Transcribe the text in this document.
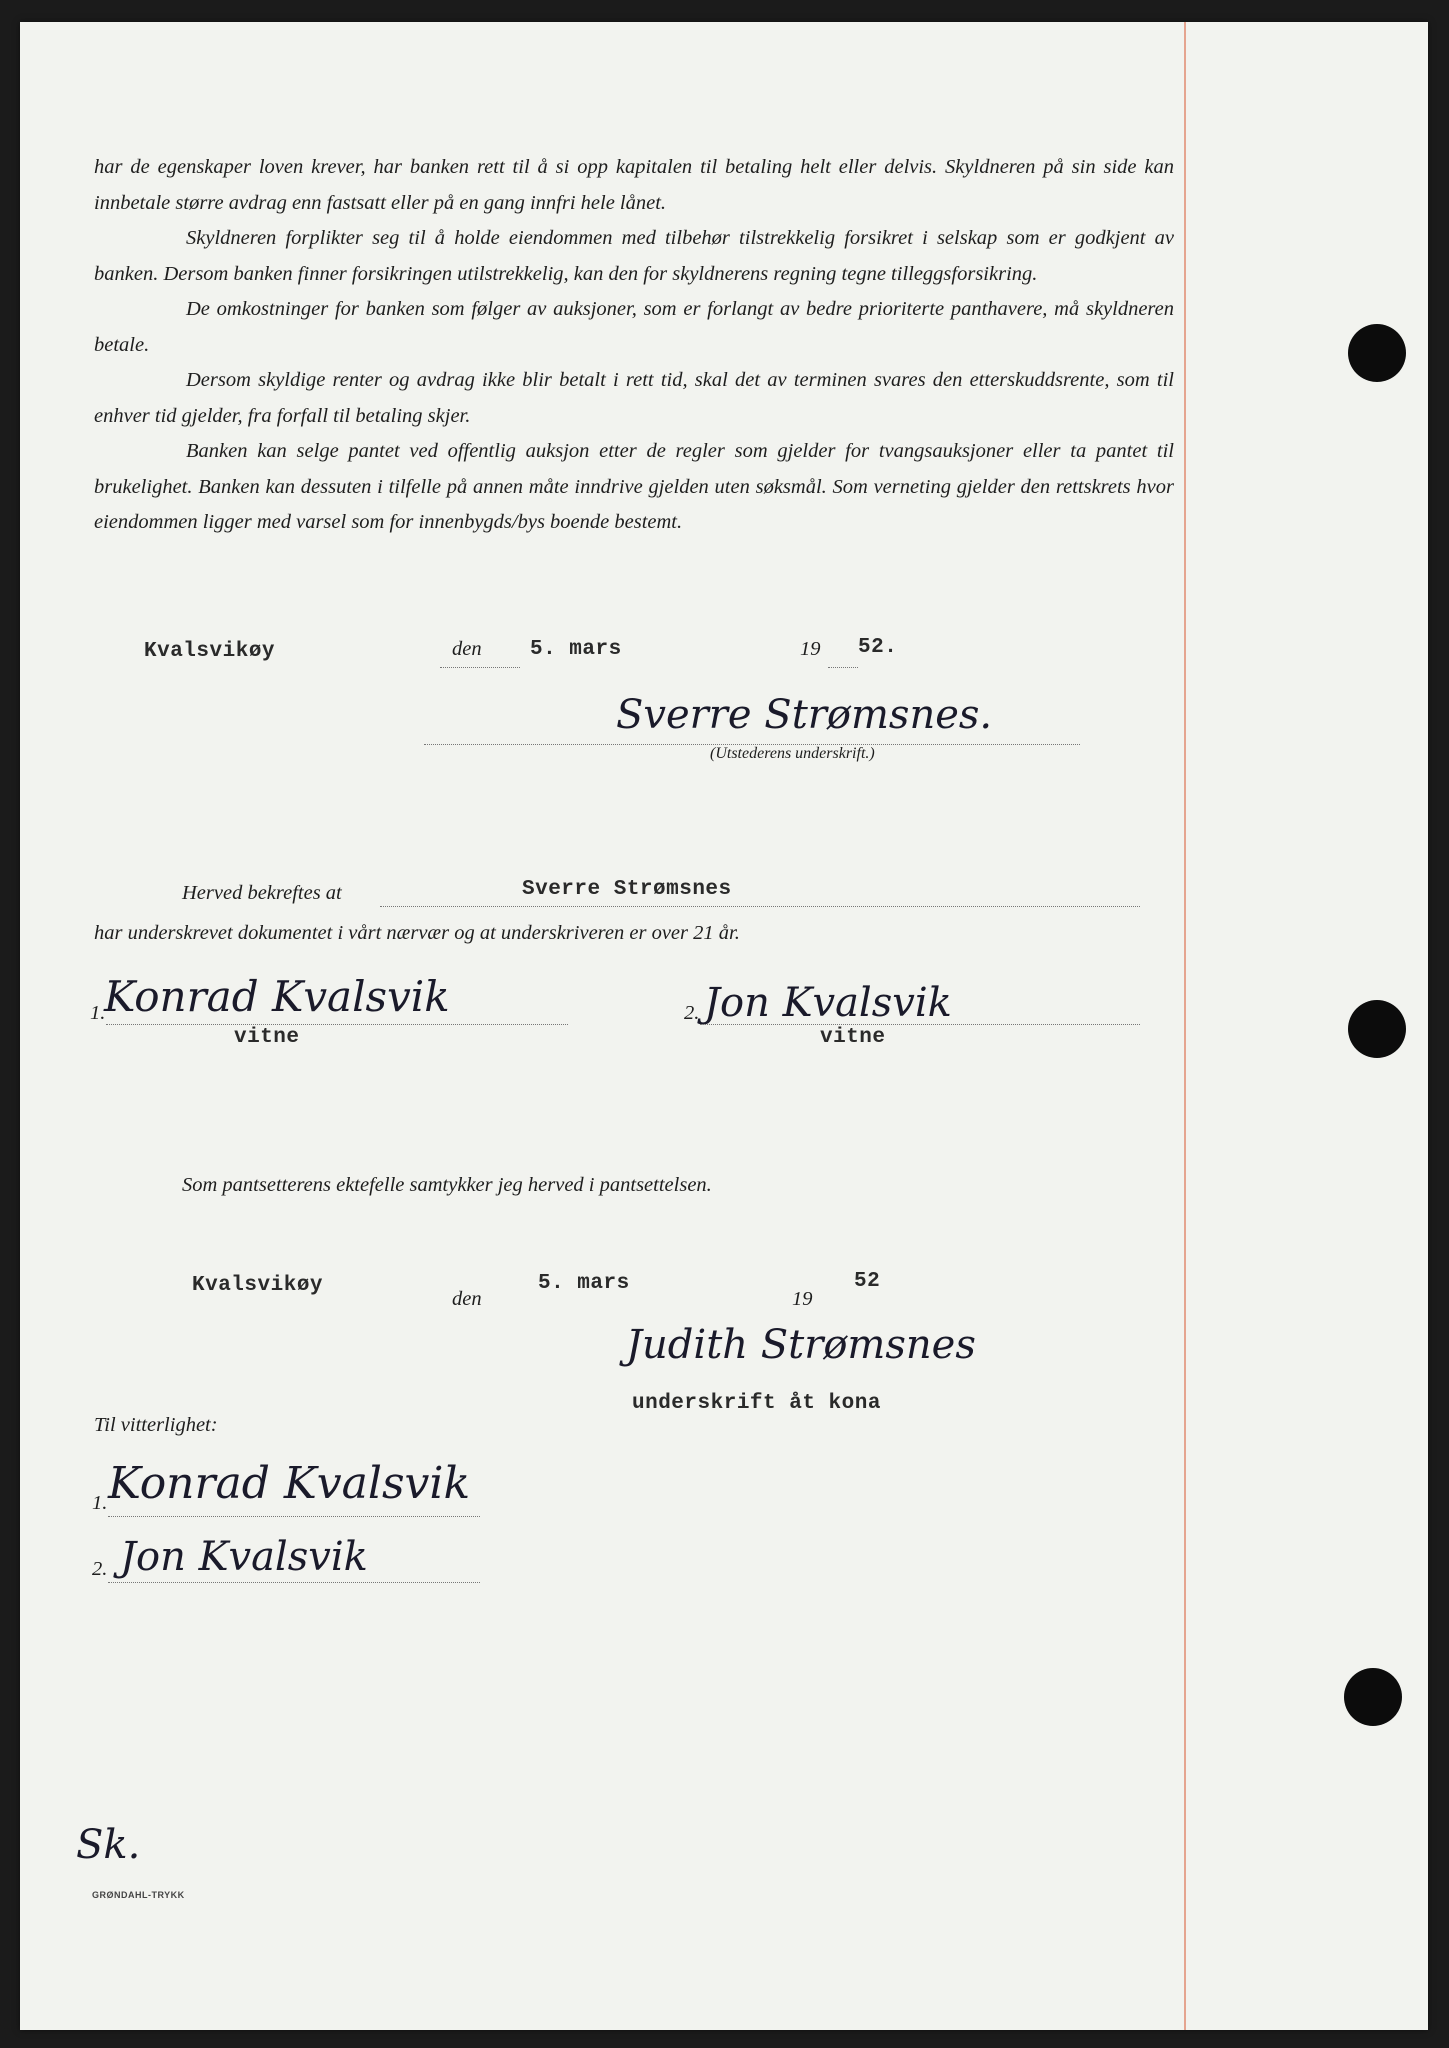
har de egenskaper loven krever, har banken rett til å si opp kapitalen til betaling helt eller delvis. Skyldneren på sin side kan innbetale større avdrag enn fastsatt eller på en gang innfri hele lånet.

Skyldneren forplikter seg til å holde eiendommen med tilbehør tilstrekkelig forsikret i selskap som er godkjent av banken. Dersom banken finner forsikringen utilstrekkelig, kan den for skyldnerens regning tegne tilleggsforsikring.

De omkostninger for banken som følger av auksjoner, som er forlangt av bedre prioriterte panthavere, må skyldneren betale.

Dersom skyldige renter og avdrag ikke blir betalt i rett tid, skal det av terminen svares den etterskuddsrente, som til enhver tid gjelder, fra forfall til betaling skjer.

Banken kan selge pantet ved offentlig auksjon etter de regler som gjelder for tvangsauksjoner eller ta pantet til brukelighet. Banken kan dessuten i tilfelle på annen måte inndrive gjelden uten søksmål. Som verneting gjelder den rettskrets hvor eiendommen ligger med varsel som for innenbygds/bys boende bestemt.

Kvalsvikøy	den 5. mars	19 52.
Sverre Strømsnes.
(Utstederens underskrift.)
Herved bekreftes at	Sverre Strømsnes
har underskrevet dokumentet i vårt nærvær og at underskriveren er over 21 år.
1.
Konrad Kvalsvik
vitne
2. Jon Kvalsvik
vitne
Som pantsetterens ektefelle samtykker jeg herved i pantsettelsen.
Kvalsvikøy
den
5. mars
19
52
Judith Strømsnes
underskrift åt kona
Til vitterlighet:
1. Konrad Kvalsvik
2. Jon Kvalsvik
Sk.
GRØNDAHL-TRYKK
